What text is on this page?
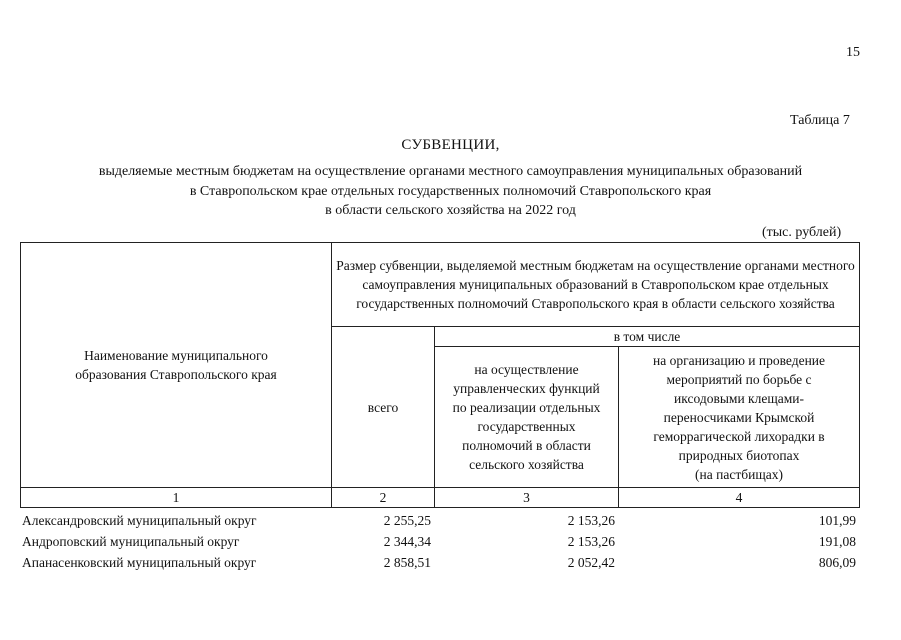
15
Таблица 7
СУБВЕНЦИИ,
выделяемые местным бюджетам на осуществление органами местного самоуправления муниципальных образований
в Ставропольском крае отдельных государственных полномочий Ставропольского края
в области сельского хозяйства на 2022 год
(тыс. рублей)
Наименование муниципального образования Ставропольского края	Размер субвенции, выделяемой местным бюджетам на осуществление органами местного самоуправления муниципальных образований в Ставропольском крае отдельных государственных полномочий Ставропольского края в области сельского хозяйства		
	всего	в том числе	
		на осуществление управленческих функций по реализации отдельных государственных полномочий в области сельского хозяйства	на организацию и проведение мероприятий по борьбе с иксодовыми клещами-переносчиками Крымской геморрагической лихорадки в природных биотопах
(на пастбищах)
1	2	3	4
Александровский муниципальный округ	2 255,25	2 153,26	101,99
Андроповский муниципальный округ	2 344,34	2 153,26	191,08
Апанасенковский муниципальный округ	2 858,51	2 052,42	806,09
